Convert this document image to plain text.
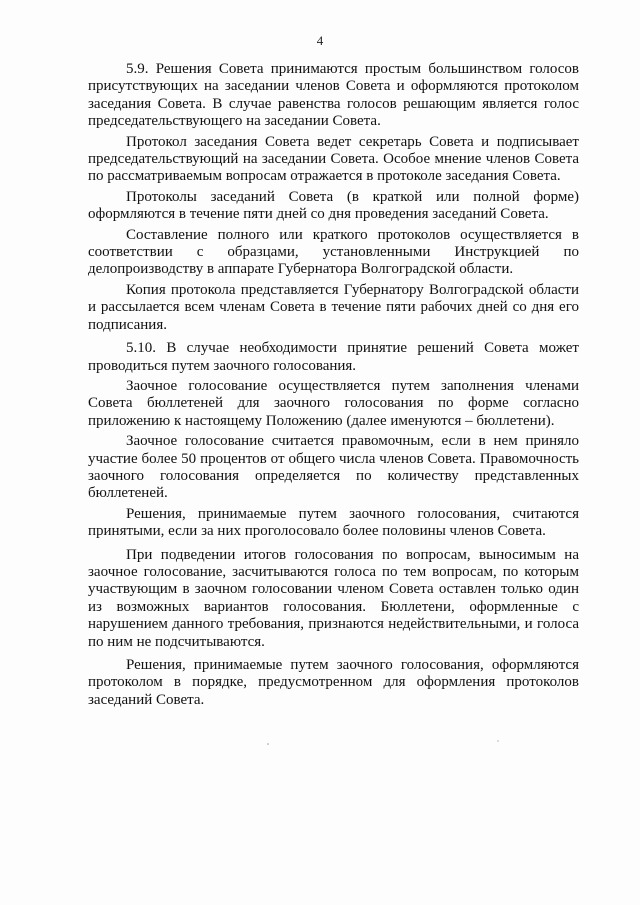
4

5.9. Решения Совета принимаются простым большинством голосов присутствующих на заседании членов Совета и оформляются протоколом заседания Совета. В случае равенства голосов решающим является голос председательствующего на заседании Совета.

Протокол заседания Совета ведет секретарь Совета и подписывает председательствующий на заседании Совета. Особое мнение членов Совета по рассматриваемым вопросам отражается в протоколе заседания Совета.

Протоколы заседаний Совета (в краткой или полной форме) оформляются в течение пяти дней со дня проведения заседаний Совета.

Составление полного или краткого протоколов осуществляется в соответствии с образцами, установленными Инструкцией по делопроизводству в аппарате Губернатора Волгоградской области.

Копия протокола представляется Губернатору Волгоградской области и рассылается всем членам Совета в течение пяти рабочих дней со дня его подписания.

5.10. В случае необходимости принятие решений Совета может проводиться путем заочного голосования.

Заочное голосование осуществляется путем заполнения членами Совета бюллетеней для заочного голосования по форме согласно приложению к настоящему Положению (далее именуются – бюллетени).

Заочное голосование считается правомочным, если в нем приняло участие более 50 процентов от общего числа членов Совета. Правомочность заочного голосования определяется по количеству представленных бюллетеней.

Решения, принимаемые путем заочного голосования, считаются принятыми, если за них проголосовало более половины членов Совета.

При подведении итогов голосования по вопросам, выносимым на заочное голосование, засчитываются голоса по тем вопросам, по которым участвующим в заочном голосовании членом Совета оставлен только один из возможных вариантов голосования. Бюллетени, оформленные с нарушением данного требования, признаются недействительными, и голоса по ним не подсчитываются.

Решения, принимаемые путем заочного голосования, оформляются протоколом в порядке, предусмотренном для оформления протоколов заседаний Совета.
